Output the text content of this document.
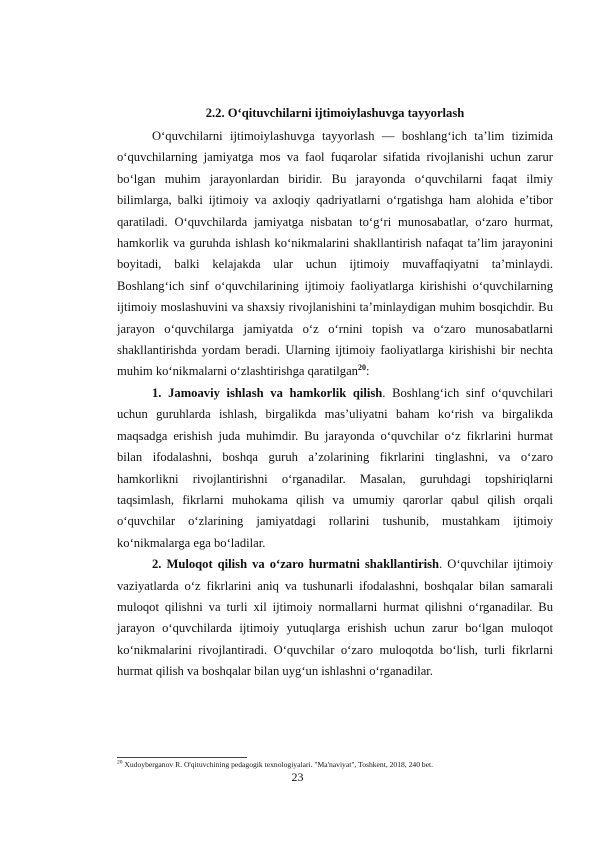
2.2. O‘qituvchilarni ijtimoiylashuvga tayyorlash

O‘quvchilarni ijtimoiylashuvga tayyorlash — boshlang‘ich ta’lim tizimida o‘quvchilarning jamiyatga mos va faol fuqarolar sifatida rivojlanishi uchun zarur bo‘lgan muhim jarayonlardan biridir. Bu jarayonda o‘quvchilarni faqat ilmiy bilimlarga, balki ijtimoiy va axloqiy qadriyatlarni o‘rgatishga ham alohida e’tibor qaratiladi. O‘quvchilarda jamiyatga nisbatan to‘g‘ri munosabatlar, o‘zaro hurmat, hamkorlik va guruhda ishlash ko‘nikmalarini shakllantirish nafaqat ta’lim jarayonini boyitadi, balki kelajakda ular uchun ijtimoiy muvaffaqiyatni ta’minlaydi. Boshlang‘ich sinf o‘quvchilarining ijtimoiy faoliyatlarga kirishishi o‘quvchilarning ijtimoiy moslashuvini va shaxsiy rivojlanishini ta’minlaydigan muhim bosqichdir. Bu jarayon o‘quvchilarga jamiyatda o‘z o‘rnini topish va o‘zaro munosabatlarni shakllantirishda yordam beradi. Ularning ijtimoiy faoliyatlarga kirishishi bir nechta muhim ko‘nikmalarni o‘zlashtirishga qaratilgan$^{20}$:

1. Jamoaviy ishlash va hamkorlik qilish. Boshlang‘ich sinf o‘quvchilari uchun guruhlarda ishlash, birgalikda mas’uliyatni baham ko‘rish va birgalikda maqsadga erishish juda muhimdir. Bu jarayonda o‘quvchilar o‘z fikrlarini hurmat bilan ifodalashni, boshqa guruh a’zolarining fikrlarini tinglashni, va o‘zaro hamkorlikni rivojlantirishni o‘rganadilar. Masalan, guruhdagi topshiriqlarni taqsimlash, fikrlarni muhokama qilish va umumiy qarorlar qabul qilish orqali o‘quvchilar o‘zlarining jamiyatdagi rollarini tushunib, mustahkam ijtimoiy ko‘nikmalarga ega bo‘ladilar.

2. Muloqot qilish va o‘zaro hurmatni shakllantirish. O‘quvchilar ijtimoiy vaziyatlarda o‘z fikrlarini aniq va tushunarli ifodalashni, boshqalar bilan samarali muloqot qilishni va turli xil ijtimoiy normallarni hurmat qilishni o‘rganadilar. Bu jarayon o‘quvchilarda ijtimoiy yutuqlarga erishish uchun zarur bo‘lgan muloqot ko‘nikmalarini rivojlantiradi. O‘quvchilar o‘zaro muloqotda bo‘lish, turli fikrlarni hurmat qilish va boshqalar bilan uyg‘un ishlashni o‘rganadilar.

$^{20}$ Xudoyberganov R. O'qituvchining pedagogik texnologiyalari. "Ma'naviyat", Toshkent, 2018, 240 bet.
23
